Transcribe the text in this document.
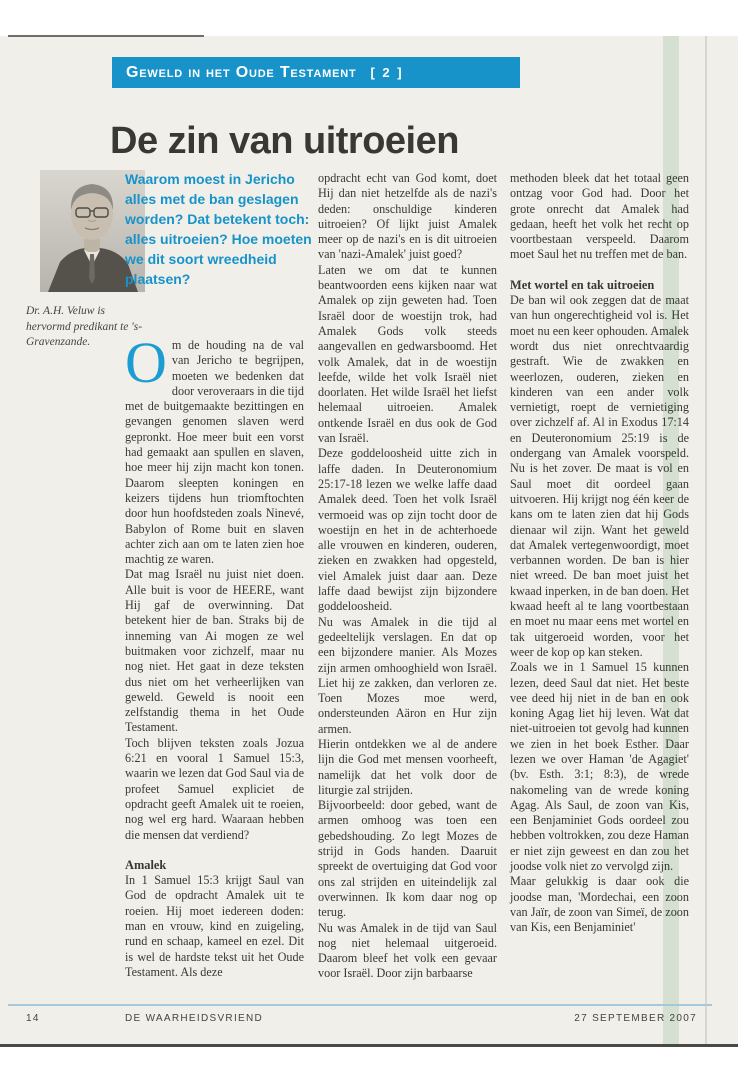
Geweld in het Oude Testament [ 2 ]
De zin van uitroeien
Dr. A.H. Veluw is hervormd predikant te 's-Gravenzande.
Waarom moest in Jericho alles met de ban geslagen worden? Dat betekent toch: alles uitroeien? Hoe moeten we dit soort wreedheid plaatsen?

Om de houding na de val van Jericho te begrijpen, moeten we bedenken dat door veroveraars in die tijd met de buitgemaakte bezittingen en gevangen genomen slaven werd gepronkt. Hoe meer buit een vorst had gemaakt aan spullen en slaven, hoe meer hij zijn macht kon tonen. Daarom sleepten koningen en keizers tijdens hun triomftochten door hun hoofdsteden zoals Ninevé, Babylon of Rome buit en slaven achter zich aan om te laten zien hoe machtig ze waren.

Dat mag Israël nu juist niet doen. Alle buit is voor de HEERE, want Hij gaf de overwinning. Dat betekent hier de ban. Straks bij de inneming van Ai mogen ze wel buitmaken voor zichzelf, maar nu nog niet. Het gaat in deze teksten dus niet om het verheerlijken van geweld. Geweld is nooit een zelfstandig thema in het Oude Testament.

Toch blijven teksten zoals Jozua 6:21 en vooral 1 Samuel 15:3, waarin we lezen dat God Saul via de profeet Samuel expliciet de opdracht geeft Amalek uit te roeien, nog wel erg hard. Waaraan hebben die mensen dat verdiend?

Amalek

In 1 Samuel 15:3 krijgt Saul van God de opdracht Amalek uit te roeien. Hij moet iedereen doden: man en vrouw, kind en zuigeling, rund en schaap, kameel en ezel. Dit is wel de hardste tekst uit het Oude Testament. Als deze

opdracht echt van God komt, doet Hij dan niet hetzelfde als de nazi's deden: onschuldige kinderen uitroeien? Of lijkt juist Amalek meer op de nazi's en is dit uitroeien van 'nazi-Amalek' juist goed?

Laten we om dat te kunnen beantwoorden eens kijken naar wat Amalek op zijn geweten had. Toen Israël door de woestijn trok, had Amalek Gods volk steeds aangevallen en gedwarsboomd. Het volk Amalek, dat in de woestijn leefde, wilde het volk Israël niet doorlaten. Het wilde Israël het liefst helemaal uitroeien. Amalek ontkende Israël en dus ook de God van Israël.

Deze goddeloosheid uitte zich in laffe daden. In Deuteronomium 25:17-18 lezen we welke laffe daad Amalek deed. Toen het volk Israël vermoeid was op zijn tocht door de woestijn en het in de achterhoede alle vrouwen en kinderen, ouderen, zieken en zwakken had opgesteld, viel Amalek juist daar aan. Deze laffe daad bewijst zijn bijzondere goddeloosheid.

Nu was Amalek in die tijd al gedeeltelijk verslagen. En dat op een bijzondere manier. Als Mozes zijn armen omhooghield won Israël. Liet hij ze zakken, dan verloren ze. Toen Mozes moe werd, ondersteunden Aäron en Hur zijn armen.

Hierin ontdekken we al de andere lijn die God met mensen voorheeft, namelijk dat het volk door de liturgie zal strijden.

Bijvoorbeeld: door gebed, want de armen omhoog was toen een gebedshouding. Zo legt Mozes de strijd in Gods handen. Daaruit spreekt de overtuiging dat God voor ons zal strijden en uiteindelijk zal overwinnen. Ik kom daar nog op terug.

Nu was Amalek in de tijd van Saul nog niet helemaal uitgeroeid. Daarom bleef het volk een gevaar voor Israël. Door zijn barbaarse

methoden bleek dat het totaal geen ontzag voor God had. Door het grote onrecht dat Amalek had gedaan, heeft het volk het recht op voortbestaan verspeeld. Daarom moet Saul het nu treffen met de ban.

Met wortel en tak uitroeien

De ban wil ook zeggen dat de maat van hun ongerechtigheid vol is. Het moet nu een keer ophouden. Amalek wordt dus niet onrechtvaardig gestraft. Wie de zwakken en weerlozen, ouderen, zieken en kinderen van een ander volk vernietigt, roept de vernietiging over zichzelf af. Al in Exodus 17:14 en Deuteronomium 25:19 is de ondergang van Amalek voorspeld. Nu is het zover. De maat is vol en Saul moet dit oordeel gaan uitvoeren. Hij krijgt nog één keer de kans om te laten zien dat hij Gods dienaar wil zijn. Want het geweld dat Amalek vertegenwoordigt, moet verbannen worden. De ban is hier niet wreed. De ban moet juist het kwaad inperken, in de ban doen. Het kwaad heeft al te lang voortbestaan en moet nu maar eens met wortel en tak uitgeroeid worden, voor het weer de kop op kan steken.

Zoals we in 1 Samuel 15 kunnen lezen, deed Saul dat niet. Het beste vee deed hij niet in de ban en ook koning Agag liet hij leven. Wat dat niet-uitroeien tot gevolg had kunnen we zien in het boek Esther. Daar lezen we over Haman 'de Agagiet' (bv. Esth. 3:1; 8:3), de wrede nakomeling van de wrede koning Agag. Als Saul, de zoon van Kis, een Benjaminiet Gods oordeel zou hebben voltrokken, zou deze Haman er niet zijn geweest en dan zou het joodse volk niet zo vervolgd zijn.

Maar gelukkig is daar ook die joodse man, 'Mordechai, een zoon van Jaïr, de zoon van Simeï, de zoon van Kis, een Benjaminiet'

14	DE WAARHEIDSVRIEND	27 SEPTEMBER 2007
